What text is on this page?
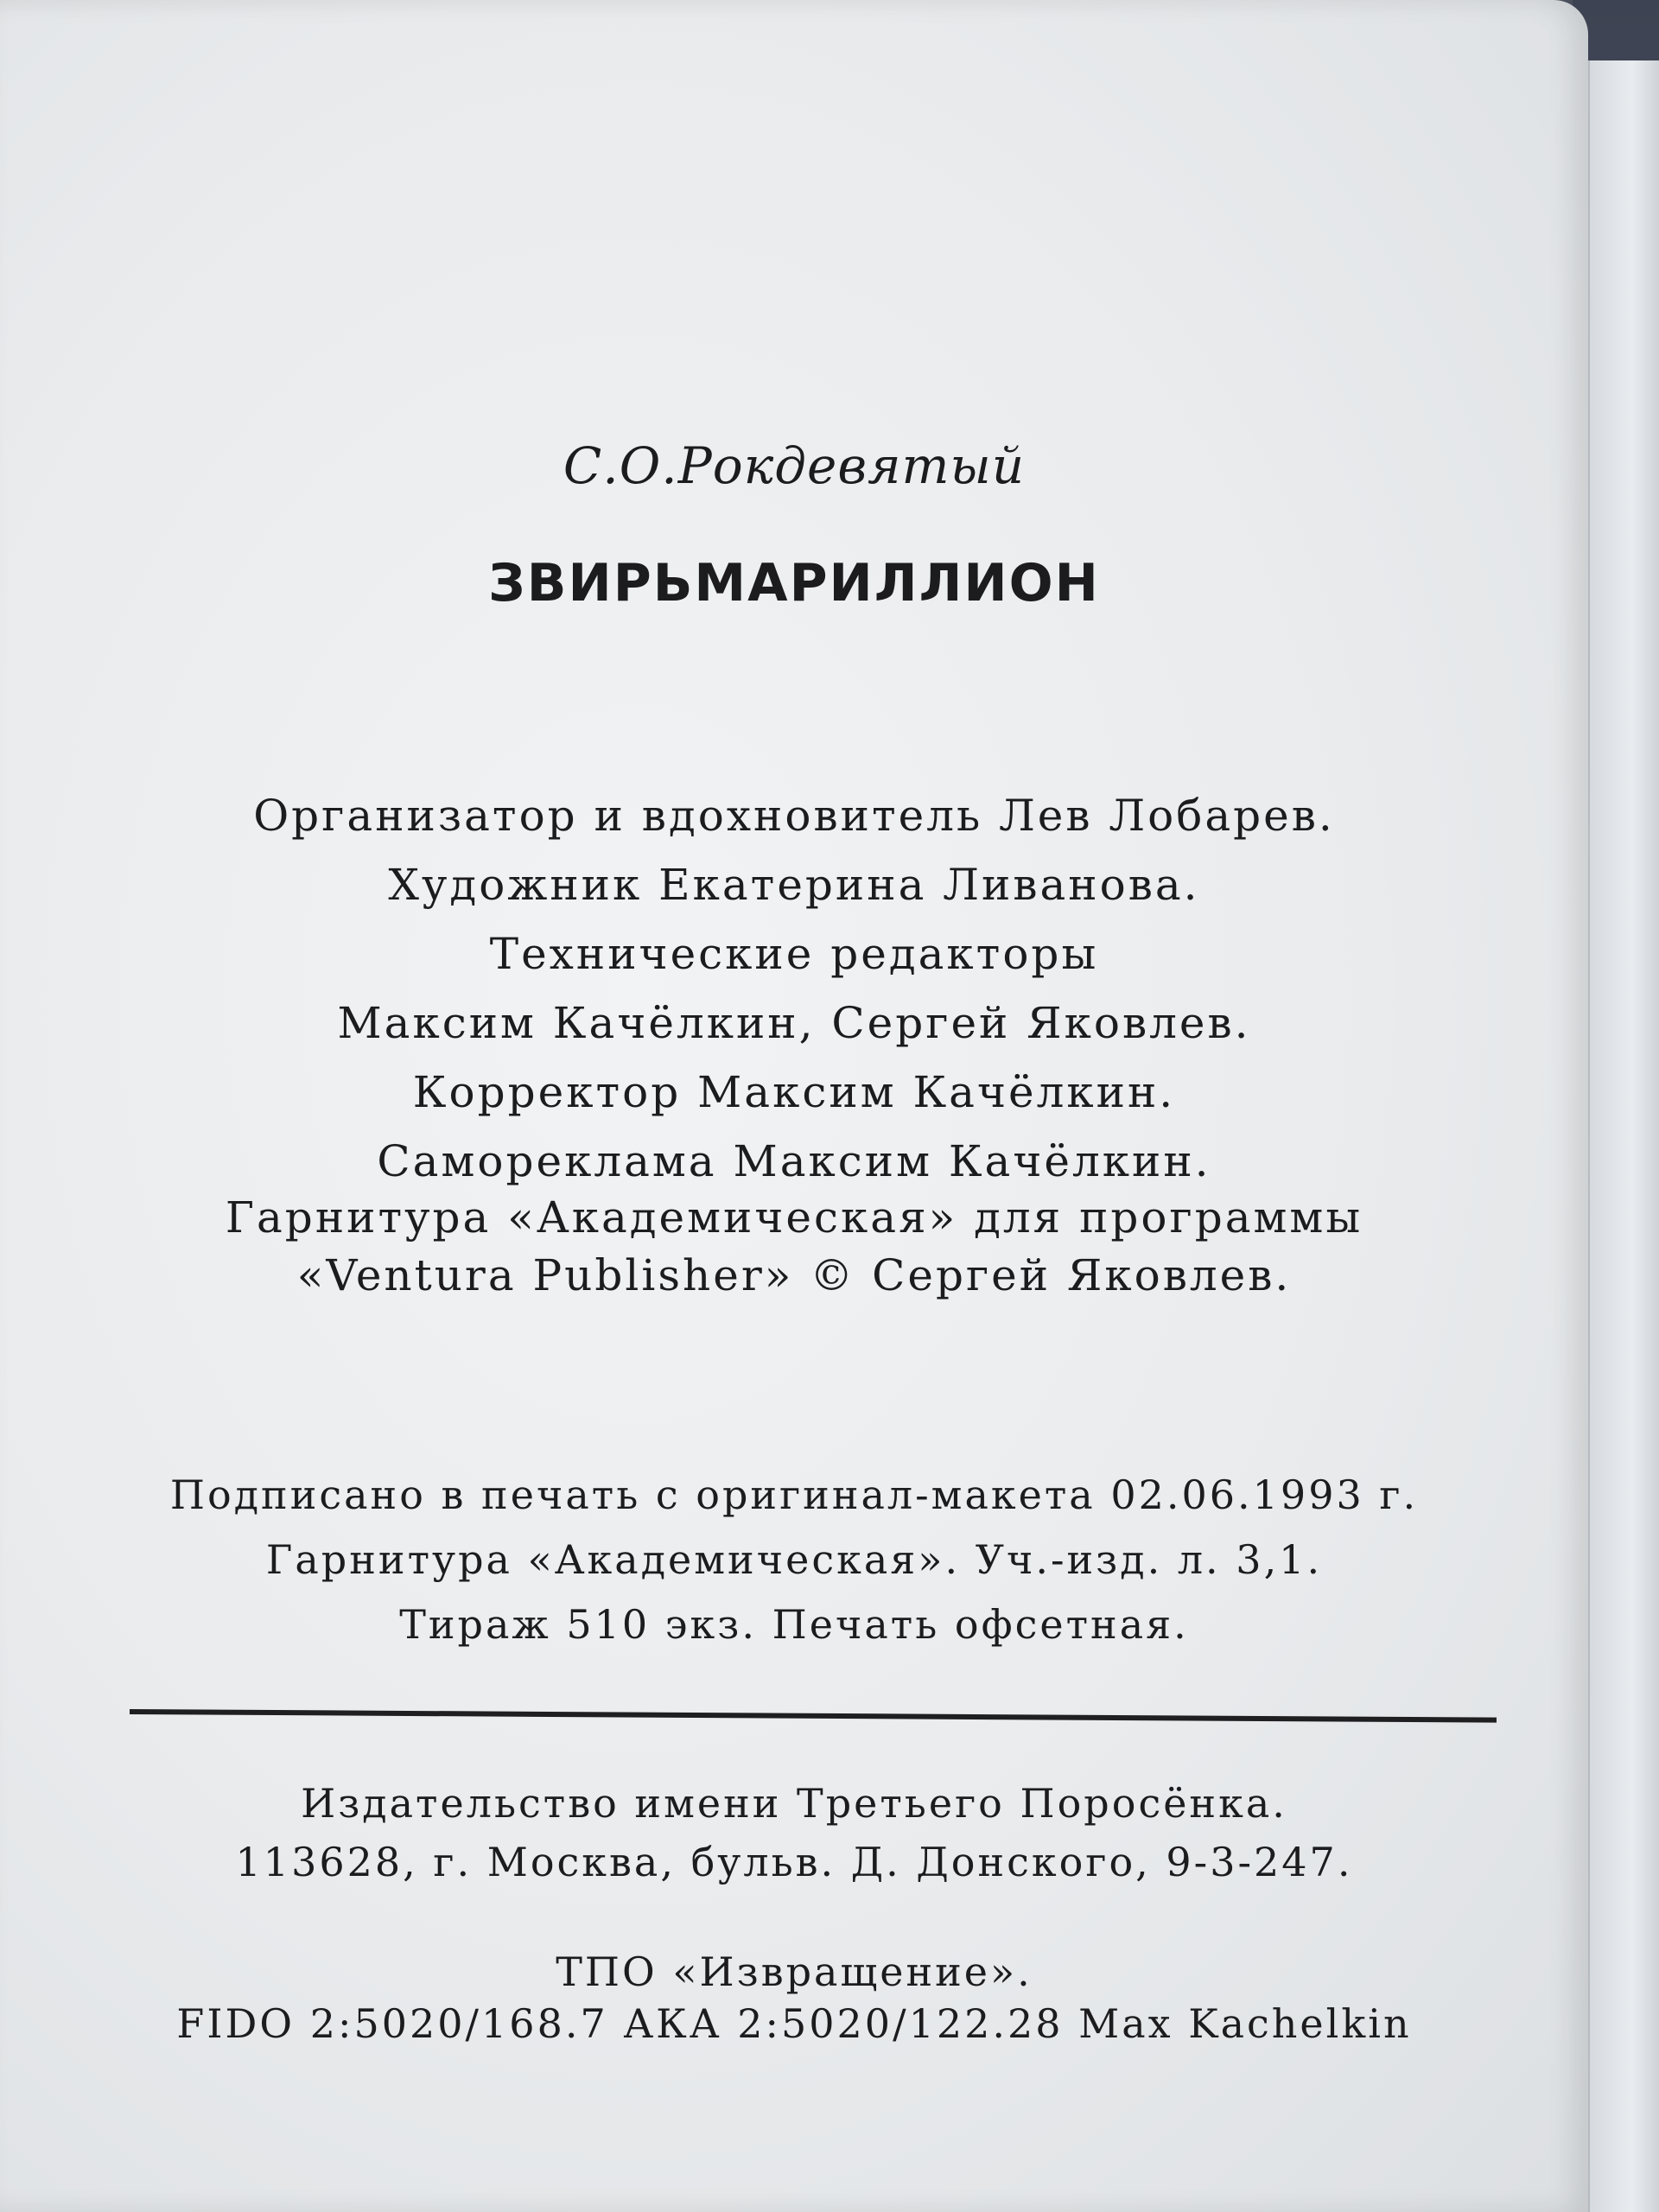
С.О.Рокдевятый
ЗВИРЬМАРИЛЛИОН
Организатор и вдохновитель Лев Лобарев.
Художник Екатерина Ливанова.
Технические редакторы
Максим Качёлкин, Сергей Яковлев.
Корректор Максим Качёлкин.
Самореклама Максим Качёлкин.
Гарнитура «Академическая» для программы
«Ventura Publisher» © Сергей Яковлев.
Подписано в печать с оригинал-макета 02.06.1993 г.
Гарнитура «Академическая». Уч.-изд. л. 3,1.
Тираж 510 экз. Печать офсетная.
Издательство имени Третьего Поросёнка.
113628, г. Москва, бульв. Д. Донского, 9-3-247.
ТПО «Извращение».
FIDO 2:5020/168.7 АКА 2:5020/122.28 Max Kachelkin
